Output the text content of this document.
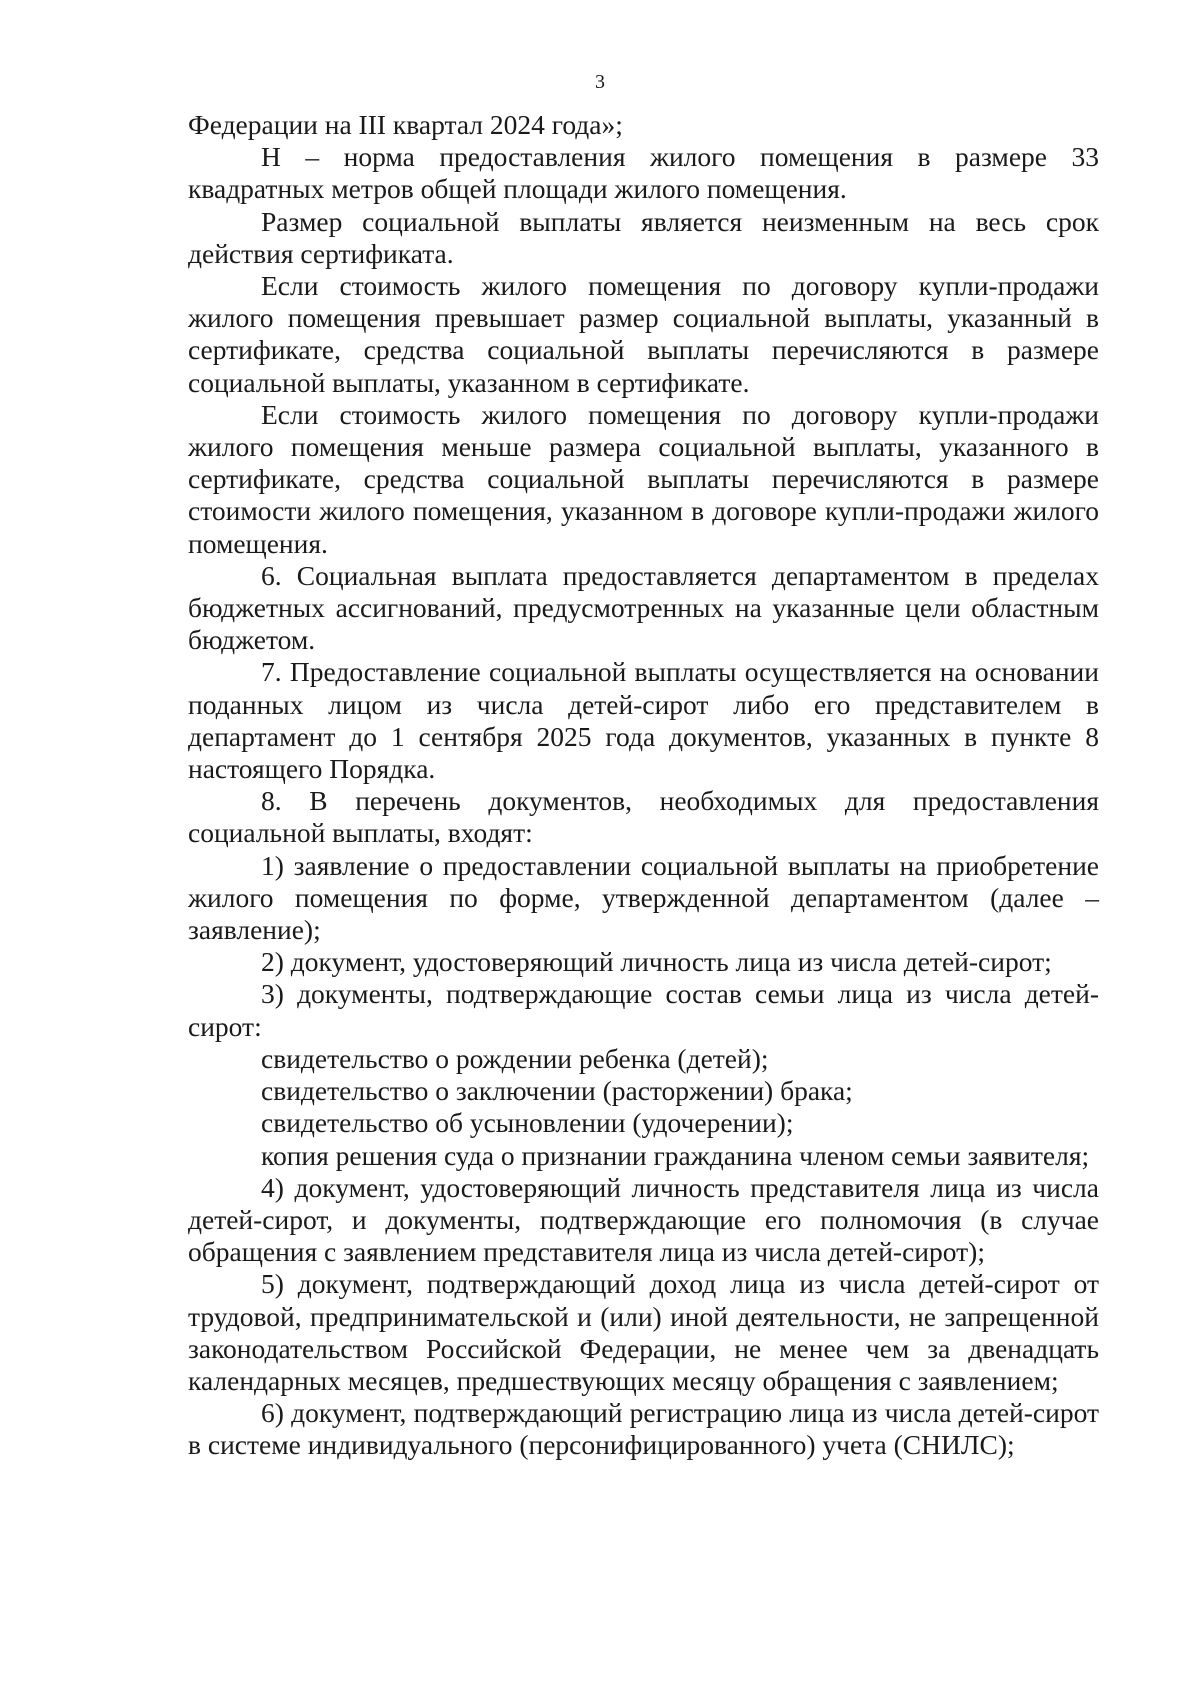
3

Федерации на III квартал 2024 года»;

Н – норма предоставления жилого помещения в размере 33 квадратных метров общей площади жилого помещения.

Размер социальной выплаты является неизменным на весь срок действия сертификата.

Если стоимость жилого помещения по договору купли-продажи жилого помещения превышает размер социальной выплаты, указанный в сертификате, средства социальной выплаты перечисляются в размере социальной выплаты, указанном в сертификате.

Если стоимость жилого помещения по договору купли-продажи жилого помещения меньше размера социальной выплаты, указанного в сертификате, средства социальной выплаты перечисляются в размере стоимости жилого помещения, указанном в договоре купли-продажи жилого помещения.

6. Социальная выплата предоставляется департаментом в пределах бюджетных ассигнований, предусмотренных на указанные цели областным бюджетом.

7. Предоставление социальной выплаты осуществляется на основании поданных лицом из числа детей-сирот либо его представителем в департамент до 1 сентября 2025 года документов, указанных в пункте 8 настоящего Порядка.

8. В перечень документов, необходимых для предоставления социальной выплаты, входят:

1) заявление о предоставлении социальной выплаты на приобретение жилого помещения по форме, утвержденной департаментом (далее – заявление);

2) документ, удостоверяющий личность лица из числа детей-сирот;

3) документы, подтверждающие состав семьи лица из числа детей-сирот:

свидетельство о рождении ребенка (детей);

свидетельство о заключении (расторжении) брака;

свидетельство об усыновлении (удочерении);

копия решения суда о признании гражданина членом семьи заявителя;

4) документ, удостоверяющий личность представителя лица из числа детей-сирот, и документы, подтверждающие его полномочия (в случае обращения с заявлением представителя лица из числа детей-сирот);

5) документ, подтверждающий доход лица из числа детей-сирот от трудовой, предпринимательской и (или) иной деятельности, не запрещенной законодательством Российской Федерации, не менее чем за двенадцать календарных месяцев, предшествующих месяцу обращения с заявлением;

6) документ, подтверждающий регистрацию лица из числа детей-сирот в системе индивидуального (персонифицированного) учета (СНИЛС);
